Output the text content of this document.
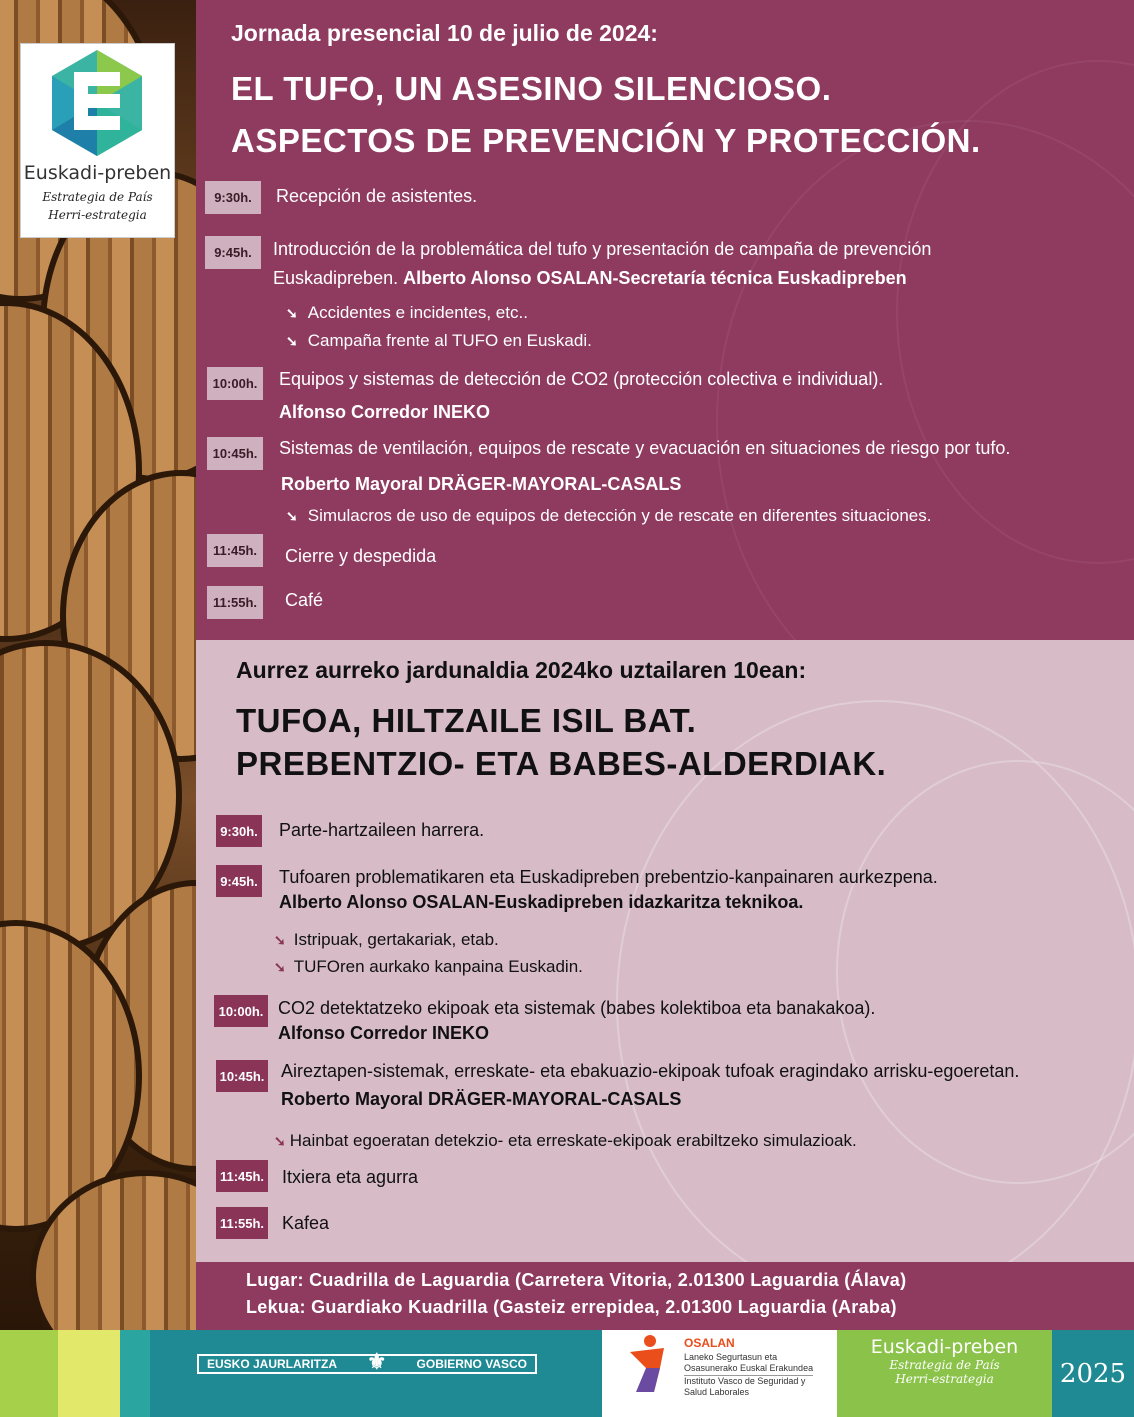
Euskadi-preben
Estrategia de País
Herri-estrategia
Jornada presencial 10 de julio de 2024:
EL TUFO, UN ASESINO SILENCIOSO.
ASPECTOS DE PREVENCIÓN Y PROTECCIÓN.
9:30h.	Recepción de asistentes.
9:45h.	Introducción de la problemática del tufo y presentación de campaña de prevención
Euskadipreben. Alberto Alonso OSALAN-Secretaría técnica Euskadipreben
➘ Accidentes e incidentes, etc..
➘ Campaña frente al TUFO en Euskadi.
10:00h.	Equipos y sistemas de detección de CO2 (protección colectiva e individual).
Alfonso Corredor INEKO
10:45h.	Sistemas de ventilación, equipos de rescate y evacuación en situaciones de riesgo por tufo.
Roberto Mayoral DRÄGER-MAYORAL-CASALS
➘ Simulacros de uso de equipos de detección y de rescate en diferentes situaciones.
11:45h.	Cierre y despedida
11:55h.	Café
Aurrez aurreko jardunaldia 2024ko uztailaren 10ean:
TUFOA, HILTZAILE ISIL BAT.
PREBENTZIO- ETA BABES-ALDERDIAK.
9:30h. Parte-hartzaileen harrera.
9:45h. Tufoaren problematikaren eta Euskadipreben prebentzio-kanpainaren aurkezpena.
Alberto Alonso OSALAN-Euskadipreben idazkaritza teknikoa.
➘ Istripuak, gertakariak, etab.
➘ TUFOren aurkako kanpaina Euskadin.
10:00h. CO2 detektatzeko ekipoak eta sistemak (babes kolektiboa eta banakakoa).
Alfonso Corredor INEKO
10:45h. Aireztapen-sistemak, erreskate- eta ebakuazio-ekipoak tufoak eragindako arrisku-egoeretan.
Roberto Mayoral DRÄGER-MAYORAL-CASALS
➘ Hainbat egoeratan detekzio- eta erreskate-ekipoak erabiltzeko simulazioak.
11:45h. Itxiera eta agurra
11:55h. Kafea
Lugar: Cuadrilla de Laguardia (Carretera Vitoria, 2.01300 Laguardia (Álava)
Lekua: Guardiako Kuadrilla (Gasteiz errepidea, 2.01300 Laguardia (Araba)
EUSKO JAURLARITZA ⚜ GOBIERNO VASCO
OSALAN
Laneko Segurtasun eta
Osasunerako Euskal Erakundea
Instituto Vasco de Seguridad y
Salud Laborales
Euskadi-preben
Estrategia de País
Herri-estrategia	2025
